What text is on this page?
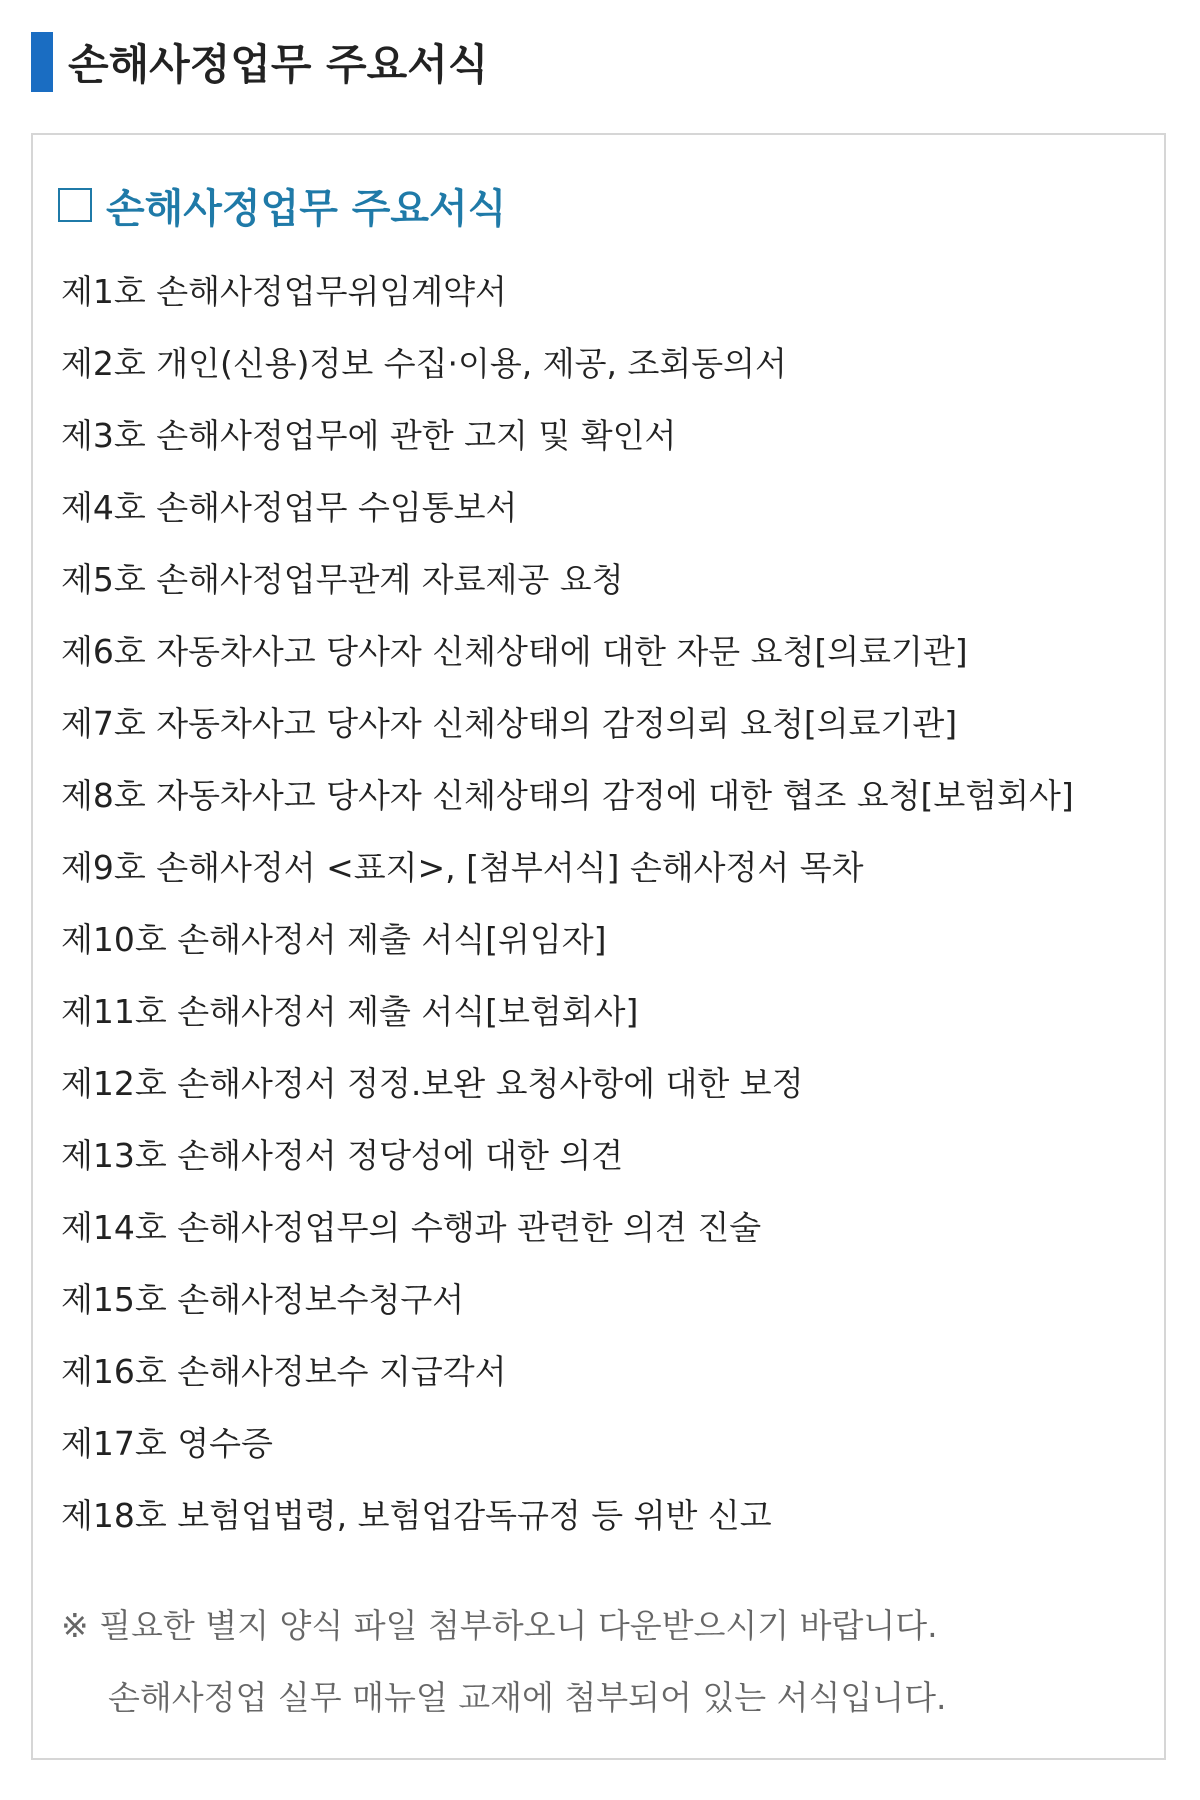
손해사정업무 주요서식
손해사정업무 주요서식
제1호 손해사정업무위임계약서
제2호 개인(신용)정보 수집·이용, 제공, 조회동의서
제3호 손해사정업무에 관한 고지 및 확인서
제4호 손해사정업무 수임통보서
제5호 손해사정업무관계 자료제공 요청
제6호 자동차사고 당사자 신체상태에 대한 자문 요청[의료기관]
제7호 자동차사고 당사자 신체상태의 감정의뢰 요청[의료기관]
제8호 자동차사고 당사자 신체상태의 감정에 대한 협조 요청[보험회사]
제9호 손해사정서 <표지>, [첨부서식] 손해사정서 목차
제10호 손해사정서 제출 서식[위임자]
제11호 손해사정서 제출 서식[보험회사]
제12호 손해사정서 정정.보완 요청사항에 대한 보정
제13호 손해사정서 정당성에 대한 의견
제14호 손해사정업무의 수행과 관련한 의견 진술
제15호 손해사정보수청구서
제16호 손해사정보수 지급각서
제17호 영수증
제18호 보험업법령, 보험업감독규정 등 위반 신고
※ 필요한 별지 양식 파일 첨부하오니 다운받으시기 바랍니다.
손해사정업 실무 매뉴얼 교재에 첨부되어 있는 서식입니다.
